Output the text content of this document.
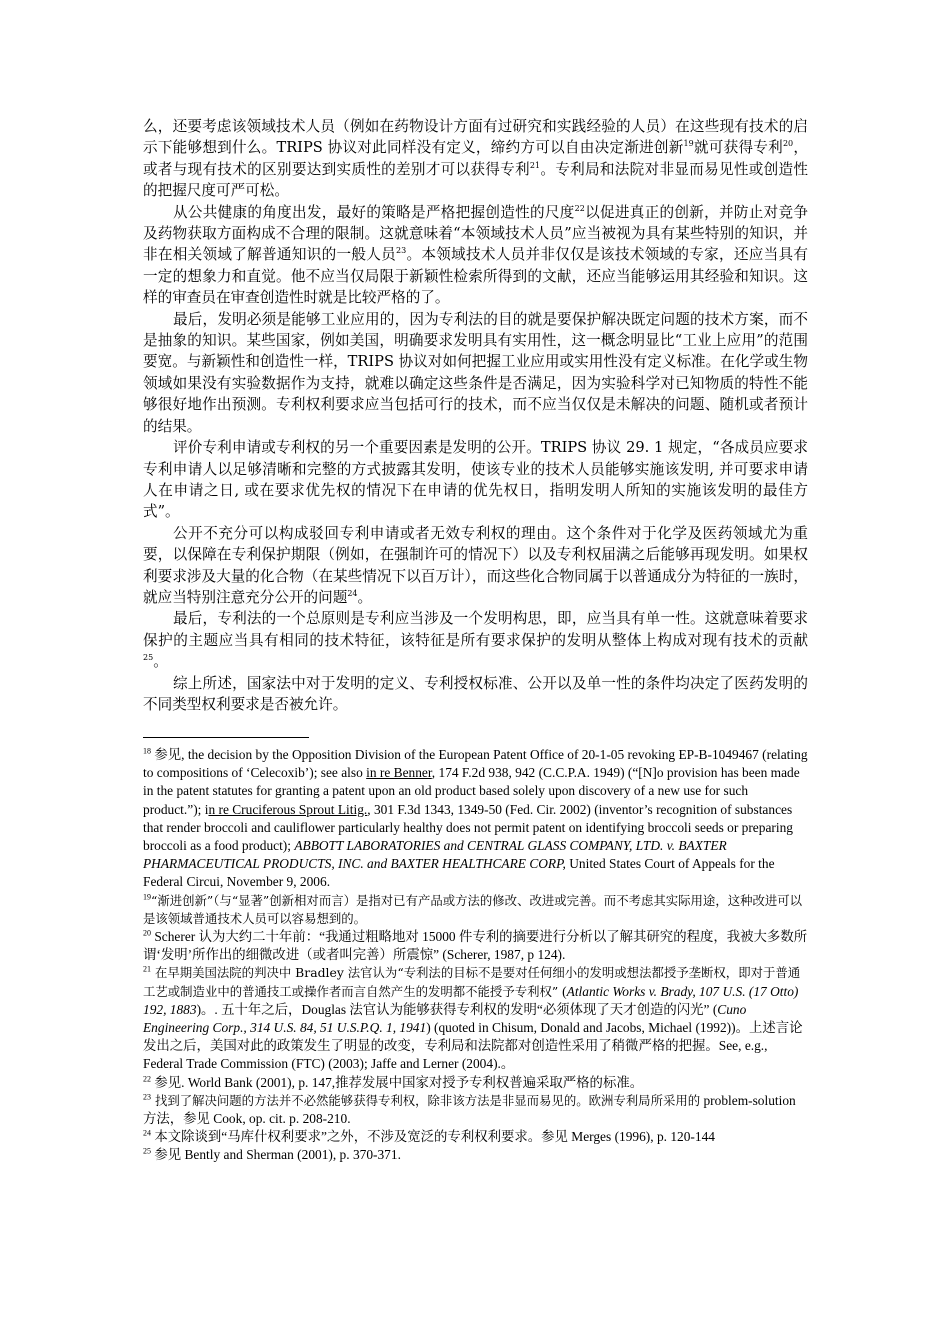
么，还要考虑该领域技术人员（例如在药物设计方面有过研究和实践经验的人员）在这些现有技术的启示下能够想到什么。TRIPS 协议对此同样没有定义，缔约方可以自由决定渐进创新$^{19}$就可获得专利$^{20}$，或者与现有技术的区别要达到实质性的差别才可以获得专利$^{21}$。专利局和法院对非显而易见性或创造性的把握尺度可严可松。

从公共健康的角度出发，最好的策略是严格把握创造性的尺度$^{22}$以促进真正的创新，并防止对竞争及药物获取方面构成不合理的限制。这就意味着“本领域技术人员”应当被视为具有某些特别的知识，并非在相关领域了解普通知识的一般人员$^{23}$。本领域技术人员并非仅仅是该技术领域的专家，还应当具有一定的想象力和直觉。他不应当仅局限于新颖性检索所得到的文献，还应当能够运用其经验和知识。这样的审查员在审查创造性时就是比较严格的了。

最后，发明必须是能够工业应用的，因为专利法的目的就是要保护解决既定问题的技术方案，而不是抽象的知识。某些国家，例如美国，明确要求发明具有实用性，这一概念明显比“工业上应用”的范围要宽。与新颖性和创造性一样，TRIPS 协议对如何把握工业应用或实用性没有定义标准。在化学或生物领域如果没有实验数据作为支持，就难以确定这些条件是否满足，因为实验科学对已知物质的特性不能够很好地作出预测。专利权利要求应当包括可行的技术，而不应当仅仅是未解决的问题、随机或者预计的结果。

评价专利申请或专利权的另一个重要因素是发明的公开。TRIPS 协议 29. 1 规定，“各成员应要求专利申请人以足够清晰和完整的方式披露其发明，使该专业的技术人员能够实施该发明, 并可要求申请人在申请之日, 或在要求优先权的情况下在申请的优先权日，指明发明人所知的实施该发明的最佳方式”。

公开不充分可以构成驳回专利申请或者无效专利权的理由。这个条件对于化学及医药领域尤为重要，以保障在专利保护期限（例如，在强制许可的情况下）以及专利权届满之后能够再现发明。如果权利要求涉及大量的化合物（在某些情况下以百万计），而这些化合物同属于以普通成分为特征的一族时，就应当特别注意充分公开的问题$^{24}$。

最后，专利法的一个总原则是专利应当涉及一个发明构思，即，应当具有单一性。这就意味着要求保护的主题应当具有相同的技术特征，该特征是所有要求保护的发明从整体上构成对现有技术的贡献$^{25}$。

综上所述，国家法中对于发明的定义、专利授权标准、公开以及单一性的条件均决定了医药发明的不同类型权利要求是否被允许。

$^{18}$ 参见, the decision by the Opposition Division of the European Patent Office of 20-1-05 revoking EP-B-1049467 (relating to compositions of ‘Celecoxib’); see also in re Benner, 174 F.2d 938, 942 (C.C.P.A. 1949) (“[N]o provision has been made in the patent statutes for granting a patent upon an old product based solely upon discovery of a new use for such product.”); in re Cruciferous Sprout Litig., 301 F.3d 1343, 1349-50 (Fed. Cir. 2002) (inventor’s recognition of substances that render broccoli and cauliflower particularly healthy does not permit patent on identifying broccoli seeds or preparing broccoli as a food product); ABBOTT LABORATORIES and CENTRAL GLASS COMPANY, LTD. v. BAXTER PHARMACEUTICAL PRODUCTS, INC. and BAXTER HEALTHCARE CORP, United States Court of Appeals for the Federal Circui, November 9, 2006.

$^{19}$“渐进创新”（与“显著”创新相对而言）是指对已有产品或方法的修改、改进或完善。而不考虑其实际用途，这种改进可以是该领域普通技术人员可以容易想到的。

$^{20}$ Scherer 认为大约二十年前：“我通过粗略地对 15000 件专利的摘要进行分析以了解其研究的程度，我被大多数所谓‘发明’所作出的细微改进（或者叫完善）所震惊” (Scherer, 1987, p 124).

$^{21}$ 在早期美国法院的判决中 Bradley 法官认为“专利法的目标不是要对任何细小的发明或想法都授予垄断权，即对于普通工艺或制造业中的普通技工或操作者而言自然产生的发明都不能授予专利权” (Atlantic Works v. Brady, 107 U.S. (17 Otto) 192, 1883)。. 五十年之后，Douglas 法官认为能够获得专利权的发明“必须体现了天才创造的闪光” (Cuno Engineering Corp., 314 U.S. 84, 51 U.S.P.Q. 1, 1941) (quoted in Chisum, Donald and Jacobs, Michael (1992))。上述言论发出之后，美国对此的政策发生了明显的改变，专利局和法院都对创造性采用了稍微严格的把握。See, e.g., Federal Trade Commission (FTC) (2003); Jaffe and Lerner (2004).。

$^{22}$ 参见. World Bank (2001), p. 147,推荐发展中国家对授予专利权普遍采取严格的标准。

$^{23}$ 找到了解决问题的方法并不必然能够获得专利权，除非该方法是非显而易见的。欧洲专利局所采用的 problem-solution 方法，参见 Cook, op. cit. p. 208-210.

$^{24}$ 本文除谈到“马库什权利要求”之外，不涉及宽泛的专利权利要求。参见 Merges (1996), p. 120-144

$^{25}$ 参见 Bently and Sherman (2001), p. 370-371.
